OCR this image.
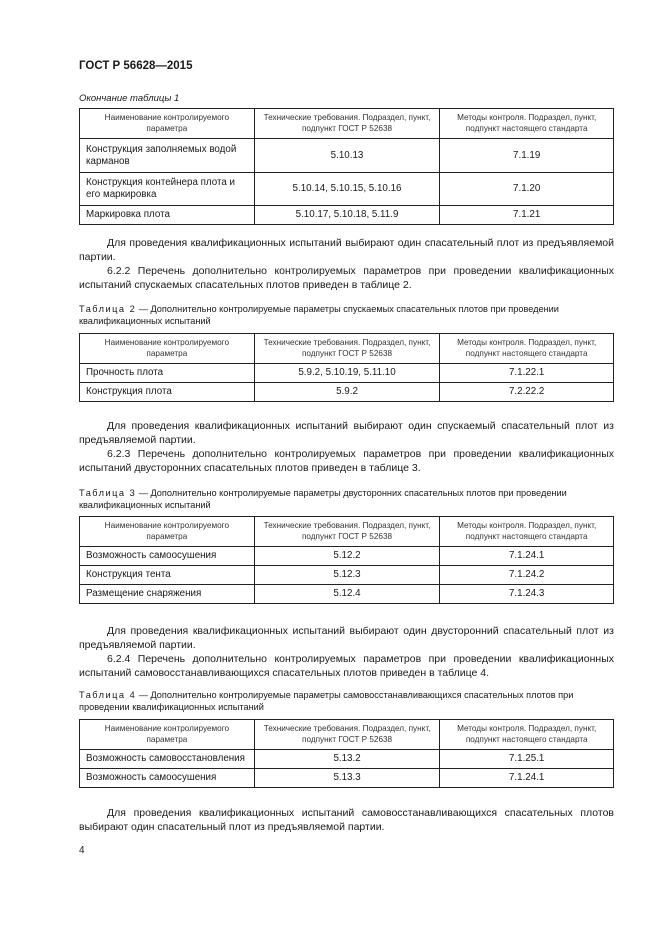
ГОСТ Р 56628—2015
Окончание таблицы 1
Наименование контролируемого параметра	Технические требования. Подраздел, пункт, подпункт ГОСТ Р 52638	Методы контроля. Подраздел, пункт, подпункт настоящего стандарта
Конструкция заполняемых водой карманов	5.10.13	7.1.19
Конструкция контейнера плота и его маркировка	5.10.14, 5.10.15, 5.10.16	7.1.20
Маркировка плота	5.10.17, 5.10.18, 5.11.9	7.1.21
Для проведения квалификационных испытаний выбирают один спасательный плот из предъявляемой партии.
6.2.2 Перечень дополнительно контролируемых параметров при проведении квалификационных испытаний спускаемых спасательных плотов приведен в таблице 2.
Таблица 2 — Дополнительно контролируемые параметры спускаемых спасательных плотов при проведении квалификационных испытаний
Наименование контролируемого параметра	Технические требования. Подраздел, пункт, подпункт ГОСТ Р 52638	Методы контроля. Подраздел, пункт, подпункт настоящего стандарта
Прочность плота	5.9.2, 5.10.19, 5.11.10	7.1.22.1
Конструкция плота	5.9.2	7.2.22.2
Для проведения квалификационных испытаний выбирают один спускаемый спасательный плот из предъявляемой партии.
6.2.3 Перечень дополнительно контролируемых параметров при проведении квалификационных испытаний двусторонних спасательных плотов приведен в таблице 3.
Таблица 3 — Дополнительно контролируемые параметры двусторонних спасательных плотов при проведении квалификационных испытаний
Наименование контролируемого параметра	Технические требования. Подраздел, пункт, подпункт ГОСТ Р 52638	Методы контроля. Подраздел, пункт, подпункт настоящего стандарта
Возможность самоосушения	5.12.2	7.1.24.1
Конструкция тента	5.12.3	7.1.24.2
Размещение снаряжения	5.12.4	7.1.24.3
Для проведения квалификационных испытаний выбирают один двусторонний спасательный плот из предъявляемой партии.
6.2.4 Перечень дополнительно контролируемых параметров при проведении квалификационных испытаний самовосстанавливающихся спасательных плотов приведен в таблице 4.
Таблица 4 — Дополнительно контролируемые параметры самовосстанавливающихся спасательных плотов при проведении квалификационных испытаний
Наименование контролируемого параметра	Технические требования. Подраздел, пункт, подпункт ГОСТ Р 52638	Методы контроля. Подраздел, пункт, подпункт настоящего стандарта
Возможность самовосстановления	5.13.2	7.1.25.1
Возможность самоосушения	5.13.3	7.1.24.1
Для проведения квалификационных испытаний самовосстанавливающихся спасательных плотов выбирают один спасательный плот из предъявляемой партии.
4
